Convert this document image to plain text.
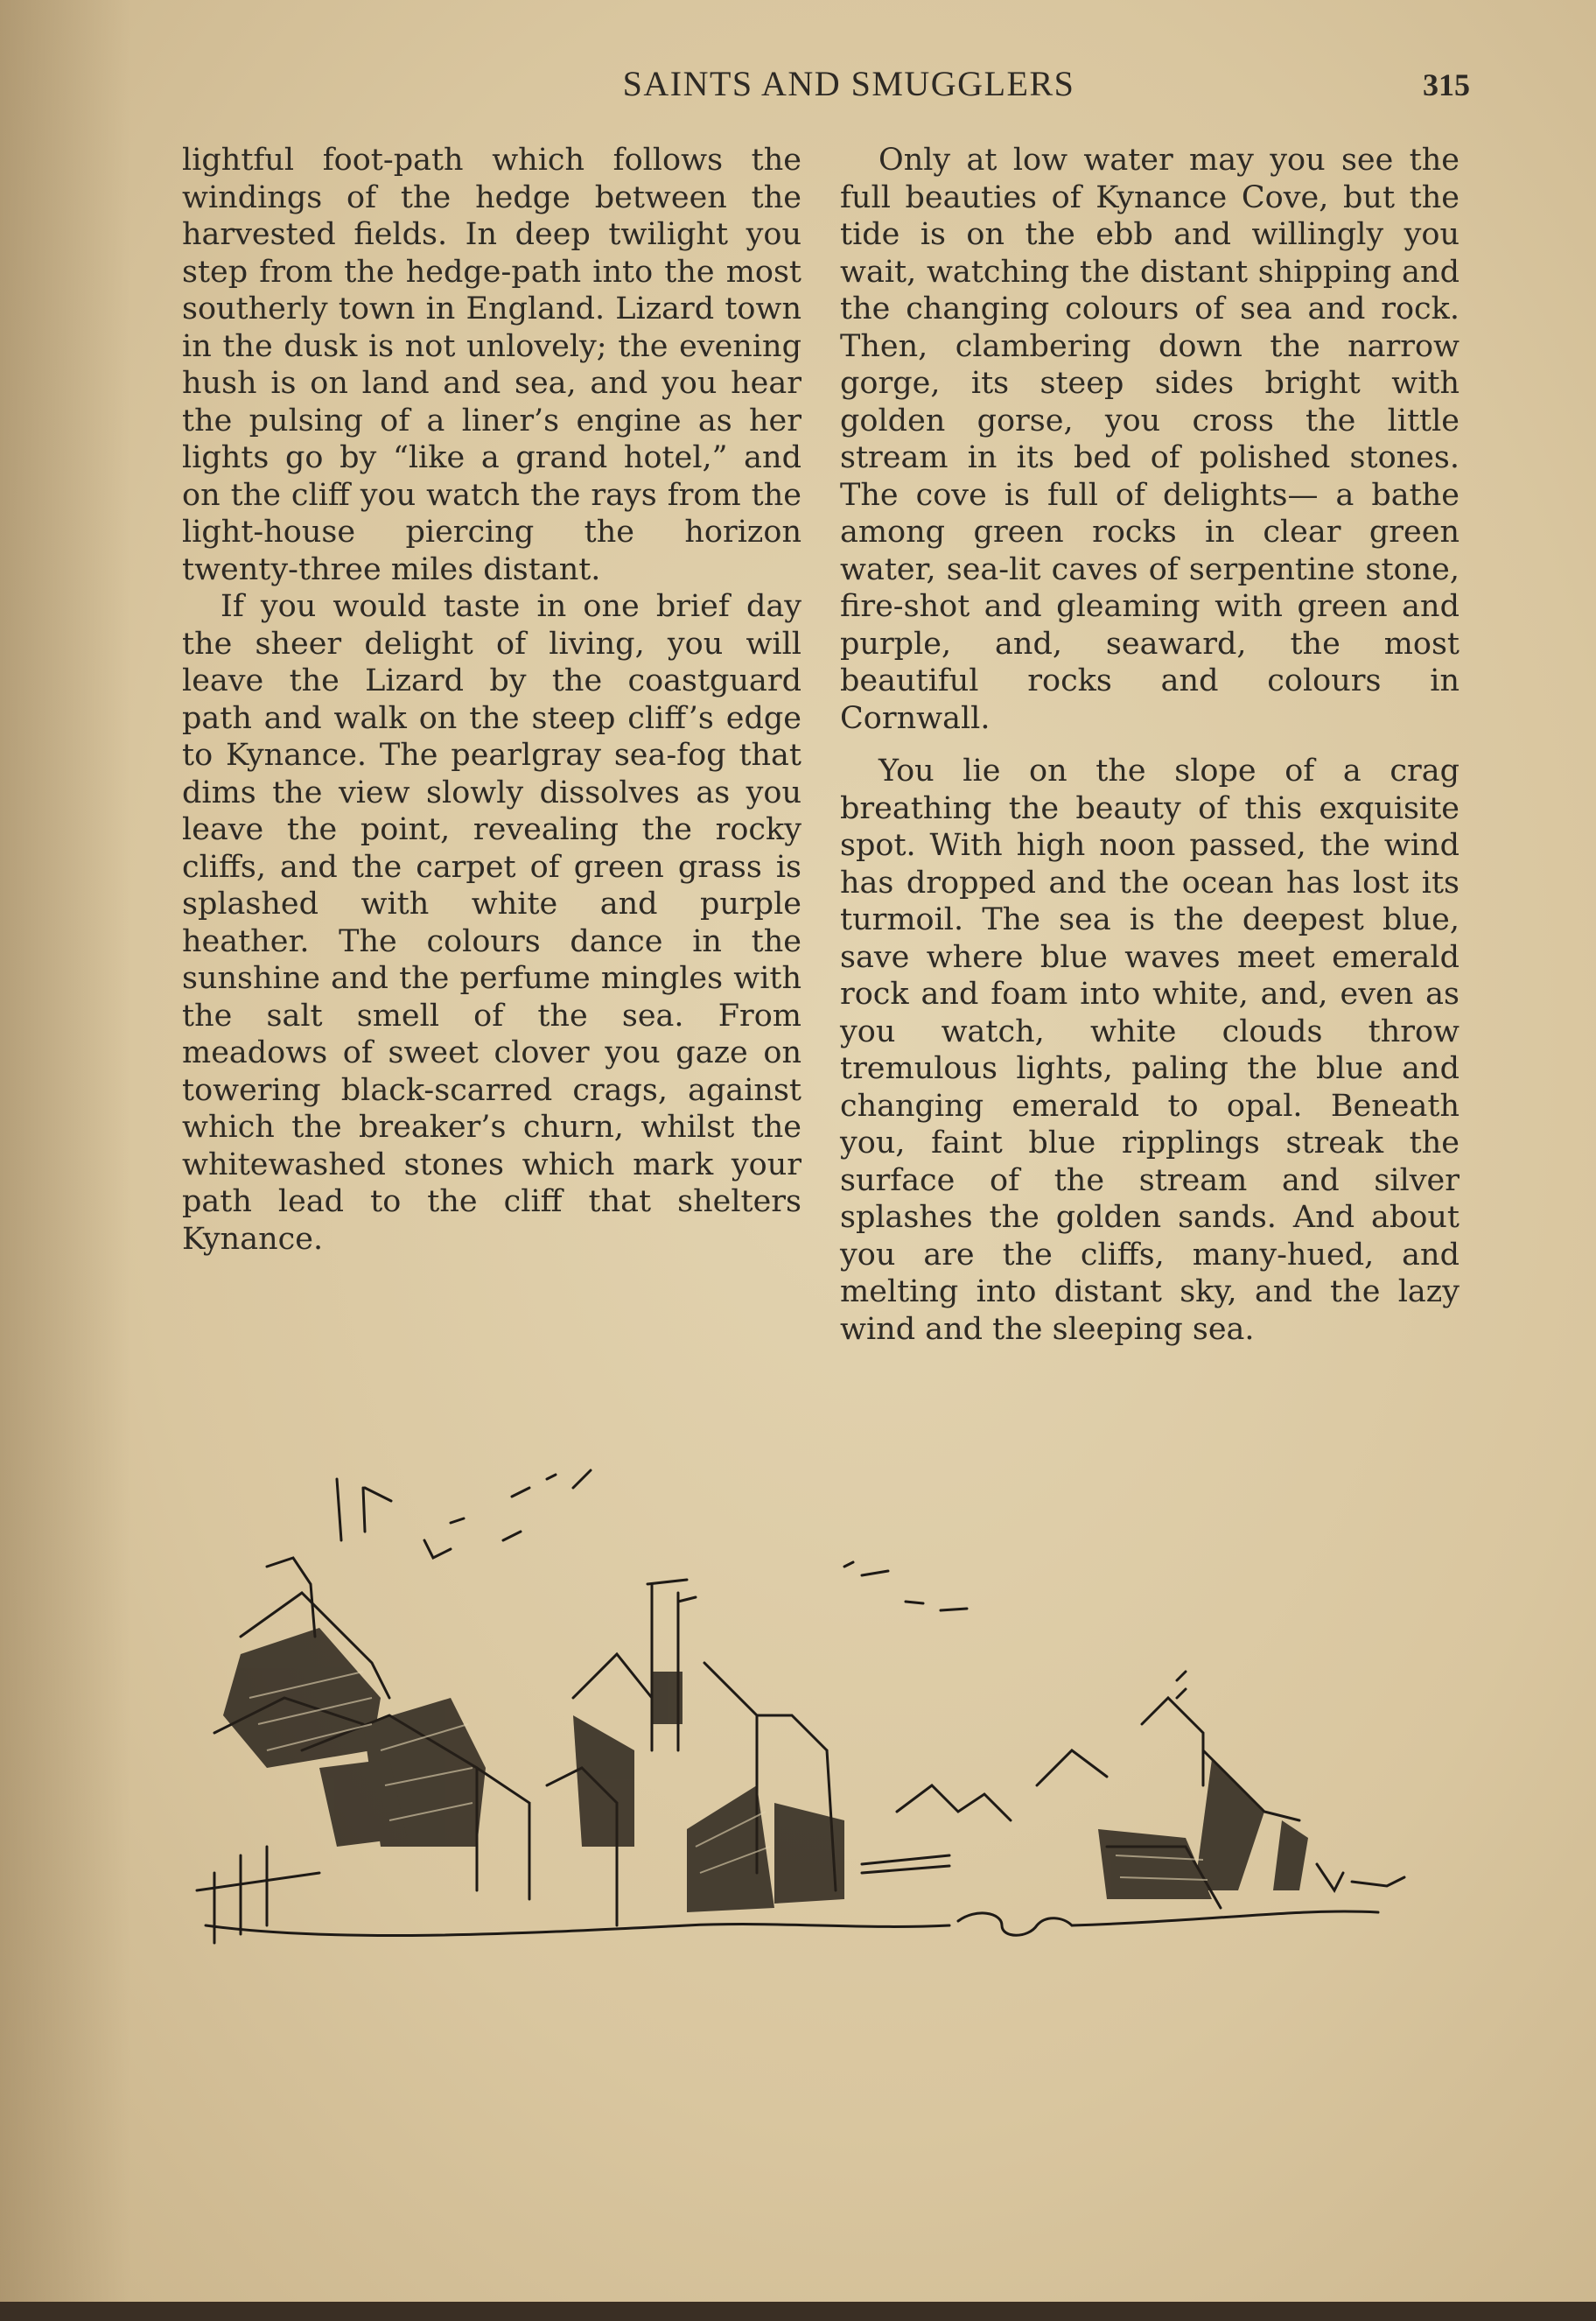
SAINTS AND SMUGGLERS	315

lightful foot-path which follows the windings of the hedge between the harvested fields. In deep twilight you step from the hedge-path into the most southerly town in England. Lizard town in the dusk is not unlovely; the evening hush is on land and sea, and you hear the pulsing of a liner’s engine as her lights go by “like a grand hotel,” and on the cliff you watch the rays from the light-house piercing the horizon twenty-three miles distant.

If you would taste in one brief day the sheer delight of living, you will leave the Lizard by the coastguard path and walk on the steep cliff’s edge to Kynance. The pearlgray sea-fog that dims the view slowly dissolves as you leave the point, revealing the rocky cliffs, and the carpet of green grass is splashed with white and purple heather. The colours dance in the sunshine and the perfume mingles with the salt smell of the sea. From meadows of sweet clover you gaze on towering black-scarred crags, against which the breaker’s churn, whilst the whitewashed stones which mark your path lead to the cliff that shelters Kynance.

Only at low water may you see the full beauties of Kynance Cove, but the tide is on the ebb and willingly you wait, watching the distant shipping and the changing colours of sea and rock. Then, clambering down the narrow gorge, its steep sides bright with golden gorse, you cross the little stream in its bed of polished stones. The cove is full of delights— a bathe among green rocks in clear green water, sea-lit caves of serpentine stone, fire-shot and gleaming with green and purple, and, seaward, the most beautiful rocks and colours in Cornwall.

You lie on the slope of a crag breathing the beauty of this exquisite spot. With high noon passed, the wind has dropped and the ocean has lost its turmoil. The sea is the deepest blue, save where blue waves meet emerald rock and foam into white, and, even as you watch, white clouds throw tremulous lights, paling the blue and changing emerald to opal. Beneath you, faint blue ripplings streak the surface of the stream and silver splashes the golden sands. And about you are the cliffs, many-hued, and melting into distant sky, and the lazy wind and the sleeping sea.
